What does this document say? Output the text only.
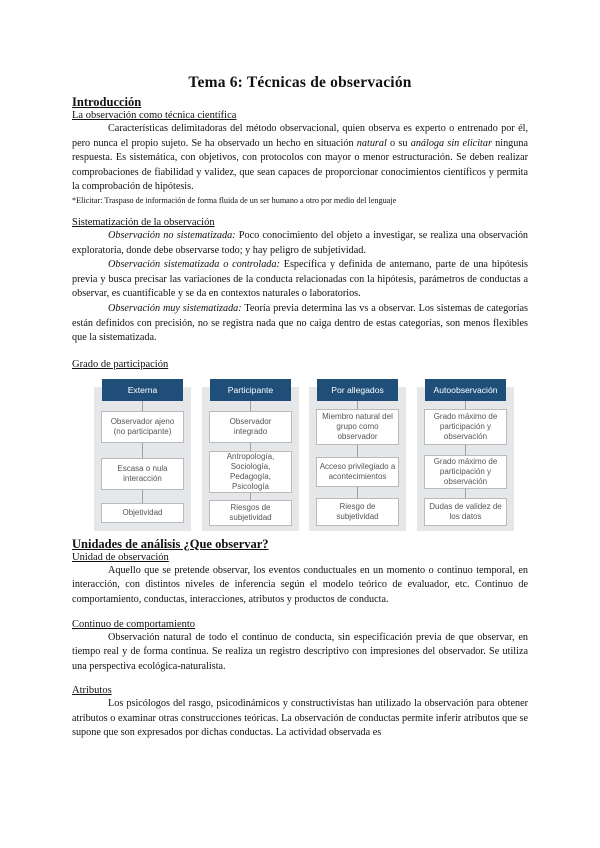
Tema 6: Técnicas de observación
Introducción
La observación como técnica científica

Características delimitadoras del método observacional, quien observa es experto o entrenado por él, pero nunca el propio sujeto. Se ha observado un hecho en situación natural o su análoga sin elicitar ninguna respuesta. Es sistemática, con objetivos, con protocolos con mayor o menor estructuración. Se deben realizar comprobaciones de fiabilidad y validez, que sean capaces de proporcionar conocimientos científicos y permita la comprobación de hipótesis.

*Elicitar: Traspaso de información de forma fluida de un ser humano a otro por medio del lenguaje

Sistematización de la observación

Observación no sistematizada: Poco conocimiento del objeto a investigar, se realiza una observación exploratoria, donde debe observarse todo; y hay peligro de subjetividad.

Observación sistematizada o controlada: Específica y definida de antemano, parte de una hipótesis previa y busca precisar las variaciones de la conducta relacionadas con la hipótesis, parámetros de conductas a observar, es cuantificable y se da en contextos naturales o laboratorios.

Observación muy sistematizada: Teoría previa determina las vs a observar. Los sistemas de categorías están definidos con precisión, no se registra nada que no caiga dentro de estas categorías, son menos flexibles que la sistematizada.

Grado de participación
Externa
Observador ajeno (no participante)
Escasa o nula interacción
Objetividad
Participante
Observador integrado
Antropología, Sociología, Pedagogía, Psicología
Riesgos de subjetividad
Por allegados
Miembro natural del grupo como observador
Acceso privilegiado a acontecimientos
Riesgo de subjetividad
Autoobservación
Grado máximo de participación y observación
Grado máximo de participación y observación
Dudas de validez de los datos
Unidades de análisis ¿Que observar?
Unidad de observación

Aquello que se pretende observar, los eventos conductuales en un momento o continuo temporal, en interacción, con distintos niveles de inferencia según el modelo teórico de evaluador, etc. Continuo de comportamiento, conductas, interacciones, atributos y productos de conducta.

Continuo de comportamiento

Observación natural de todo el continuo de conducta, sin especificación previa de que observar, en tiempo real y de forma continua. Se realiza un registro descriptivo con impresiones del observador. Se utiliza una perspectiva ecológica-naturalista.

Atributos

Los psicólogos del rasgo, psicodinámicos y constructivistas han utilizado la observación para obtener atributos o examinar otras construcciones teóricas. La observación de conductas permite inferir atributos que se supone que son expresados por dichas conductas. La actividad observada es
